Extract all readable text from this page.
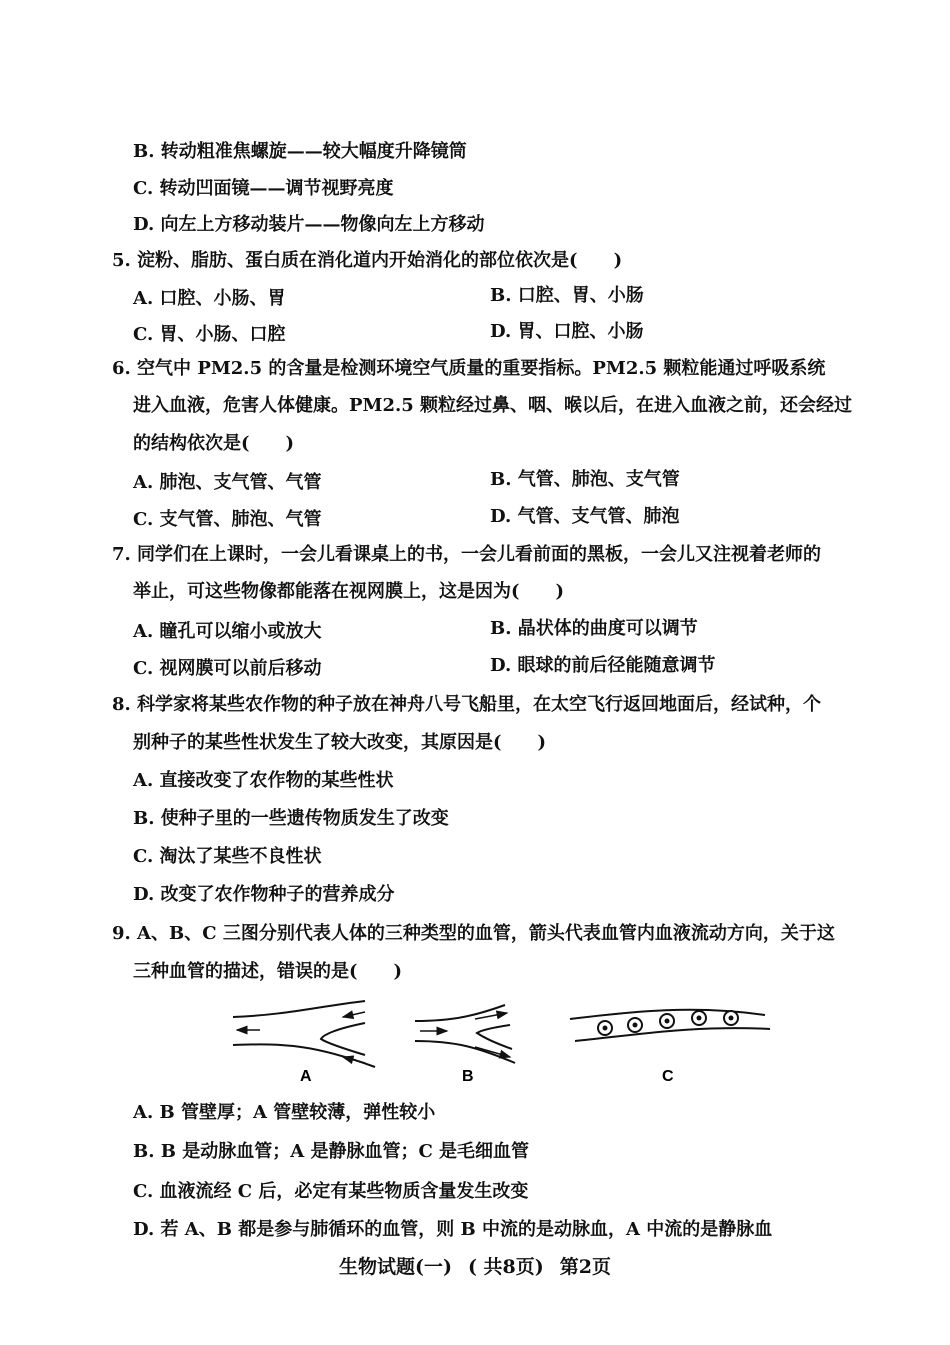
B. 转动粗准焦螺旋——较大幅度升降镜筒
C. 转动凹面镜——调节视野亮度
D. 向左上方移动装片——物像向左上方移动
5. 淀粉、脂肪、蛋白质在消化道内开始消化的部位依次是(　　)
A. 口腔、小肠、胃	B. 口腔、胃、小肠
C. 胃、小肠、口腔	D. 胃、口腔、小肠
6. 空气中 PM2.5 的含量是检测环境空气质量的重要指标。PM2.5 颗粒能通过呼吸系统
进入血液，危害人体健康。PM2.5 颗粒经过鼻、咽、喉以后，在进入血液之前，还会经过
的结构依次是(　　)
A. 肺泡、支气管、气管	B. 气管、肺泡、支气管
C. 支气管、肺泡、气管	D. 气管、支气管、肺泡
7. 同学们在上课时，一会儿看课桌上的书，一会儿看前面的黑板，一会儿又注视着老师的
举止，可这些物像都能落在视网膜上，这是因为(　　)
A. 瞳孔可以缩小或放大	B. 晶状体的曲度可以调节
C. 视网膜可以前后移动	D. 眼球的前后径能随意调节
8. 科学家将某些农作物的种子放在神舟八号飞船里，在太空飞行返回地面后，经试种，个
别种子的某些性状发生了较大改变，其原因是(　　)
A. 直接改变了农作物的某些性状
B. 使种子里的一些遗传物质发生了改变
C. 淘汰了某些不良性状
D. 改变了农作物种子的营养成分
9. A、B、C 三图分别代表人体的三种类型的血管，箭头代表血管内血液流动方向，关于这
三种血管的描述，错误的是(　　)
A	B	C
A. B 管壁厚；A 管壁较薄，弹性较小
B. B 是动脉血管；A 是静脉血管；C 是毛细血管
C. 血液流经 C 后，必定有某些物质含量发生改变
D. 若 A、B 都是参与肺循环的血管，则 B 中流的是动脉血，A 中流的是静脉血
生物试题(一) ( 共8页) 第2页
